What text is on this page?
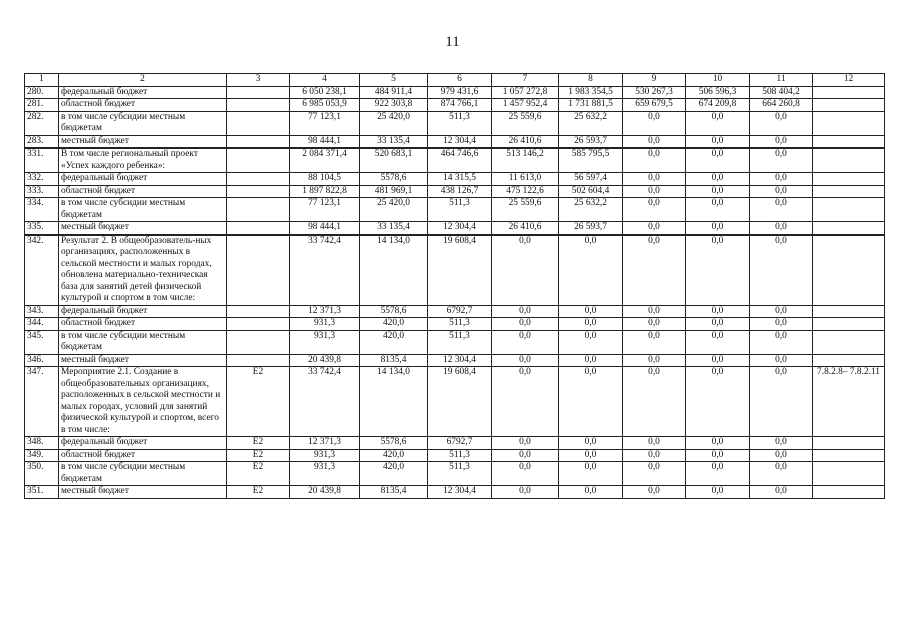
11
1	2	3	4	5	6	7	8	9	10	11	12
280.	федеральный бюджет		6 050 238,1	484 911,4	979 431,6	1 057 272,8	1 983 354,5	530 267,3	506 596,3	508 404,2	
281.	областной бюджет		6 985 053,9	922 303,8	874 766,1	1 457 952,4	1 731 881,5	659 679,5	674 209,8	664 260,8	
282.	в том числе субсидии местным бюджетам		77 123,1	25 420,0	511,3	25 559,6	25 632,2	0,0	0,0	0,0	
283.	местный бюджет		98 444,1	33 135,4	12 304,4	26 410,6	26 593,7	0,0	0,0	0,0	
331.	В том числе региональный проект «Успех каждого ребенка»:		2 084 371,4	520 683,1	464 746,6	513 146,2	585 795,5	0,0	0,0	0,0	
332.	федеральный бюджет		88 104,5	5578,6	14 315,5	11 613,0	56 597,4	0,0	0,0	0,0	
333.	областной бюджет		1 897 822,8	481 969,1	438 126,7	475 122,6	502 604,4	0,0	0,0	0,0	
334.	в том числе субсидии местным бюджетам		77 123,1	25 420,0	511,3	25 559,6	25 632,2	0,0	0,0	0,0	
335.	местный бюджет		98 444,1	33 135,4	12 304,4	26 410,6	26 593,7	0,0	0,0	0,0	
342.	Результат 2. В общеобразователь-ных организациях, расположенных в сельской местности и малых городах, обновлена материально-техническая база для занятий детей физической культурой и спортом в том числе:		33 742,4	14 134,0	19 608,4	0,0	0,0	0,0	0,0	0,0	
343.	федеральный бюджет		12 371,3	5578,6	6792,7	0,0	0,0	0,0	0,0	0,0	
344.	областной бюджет		931,3	420,0	511,3	0,0	0,0	0,0	0,0	0,0	
345.	в том числе субсидии местным бюджетам		931,3	420,0	511,3	0,0	0,0	0,0	0,0	0,0	
346.	местный бюджет		20 439,8	8135,4	12 304,4	0,0	0,0	0,0	0,0	0,0	
347.	Мероприятие 2.1. Создание в общеобразовательных организациях, расположенных в сельской местности и малых городах, условий для занятий физической культурой и спортом, всего в том числе:	Е2	33 742,4	14 134,0	19 608,4	0,0	0,0	0,0	0,0	0,0	7.8.2.8– 7.8.2.11
348.	федеральный бюджет	Е2	12 371,3	5578,6	6792,7	0,0	0,0	0,0	0,0	0,0	
349.	областной бюджет	Е2	931,3	420,0	511,3	0,0	0,0	0,0	0,0	0,0	
350.	в том числе субсидии местным бюджетам	Е2	931,3	420,0	511,3	0,0	0,0	0,0	0,0	0,0	
351.	местный бюджет	Е2	20 439,8	8135,4	12 304,4	0,0	0,0	0,0	0,0	0,0	
